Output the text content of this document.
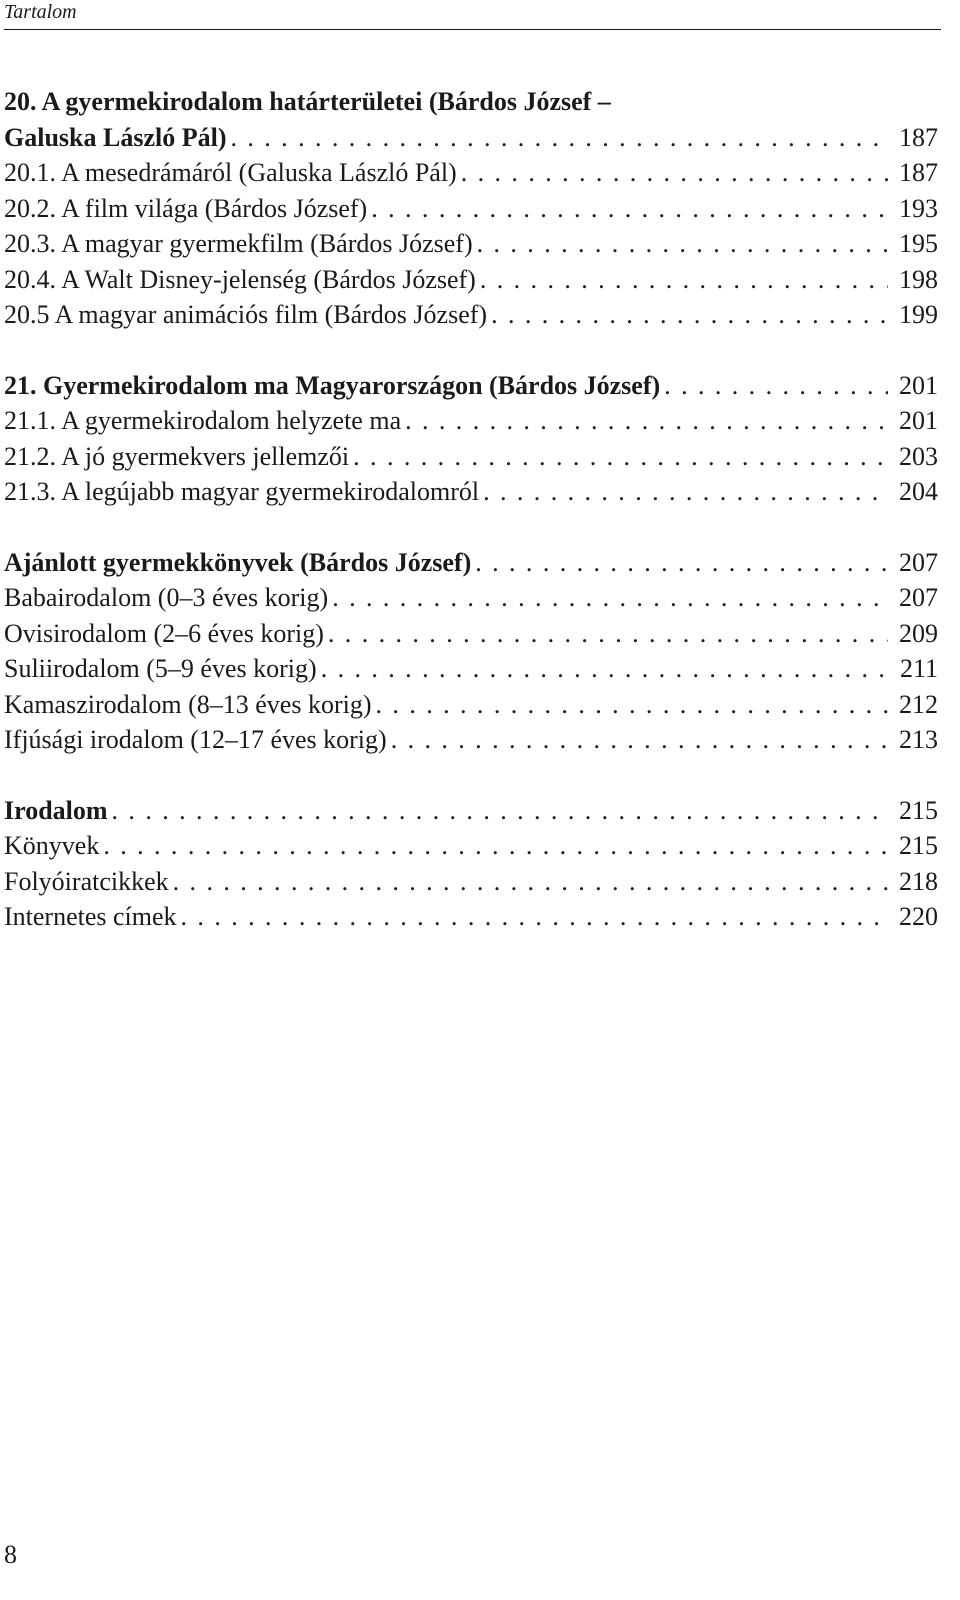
Tartalom
20. A gyermekirodalom határterületei (Bárdos József –
Galuska László Pál) . . .	187
20.1. A mesedrámáról (Galuska László Pál) . . .	187
20.2. A film világa (Bárdos József) . . .	193
20.3. A magyar gyermekfilm (Bárdos József) . . .	195
20.4. A Walt Disney-jelenség (Bárdos József) . . .	198
20.5 A magyar animációs film (Bárdos József) . . .	199
21. Gyermekirodalom ma Magyarországon (Bárdos József) . . .	201
21.1. A gyermekirodalom helyzete ma . . .	201
21.2. A jó gyermekvers jellemzői . . .	203
21.3. A legújabb magyar gyermekirodalomról . . .	204
Ajánlott gyermekkönyvek (Bárdos József) . . .	207
Babairodalom (0–3 éves korig) . . .	207
Ovisirodalom (2–6 éves korig) . . .	209
Suliirodalom (5–9 éves korig) . . .	211
Kamaszirodalom (8–13 éves korig) . . .	212
Ifjúsági irodalom (12–17 éves korig) . . .	213
Irodalom . . .	215
Könyvek . . .	215
Folyóiratcikkek . . .	218
Internetes címek . . .	220
8
